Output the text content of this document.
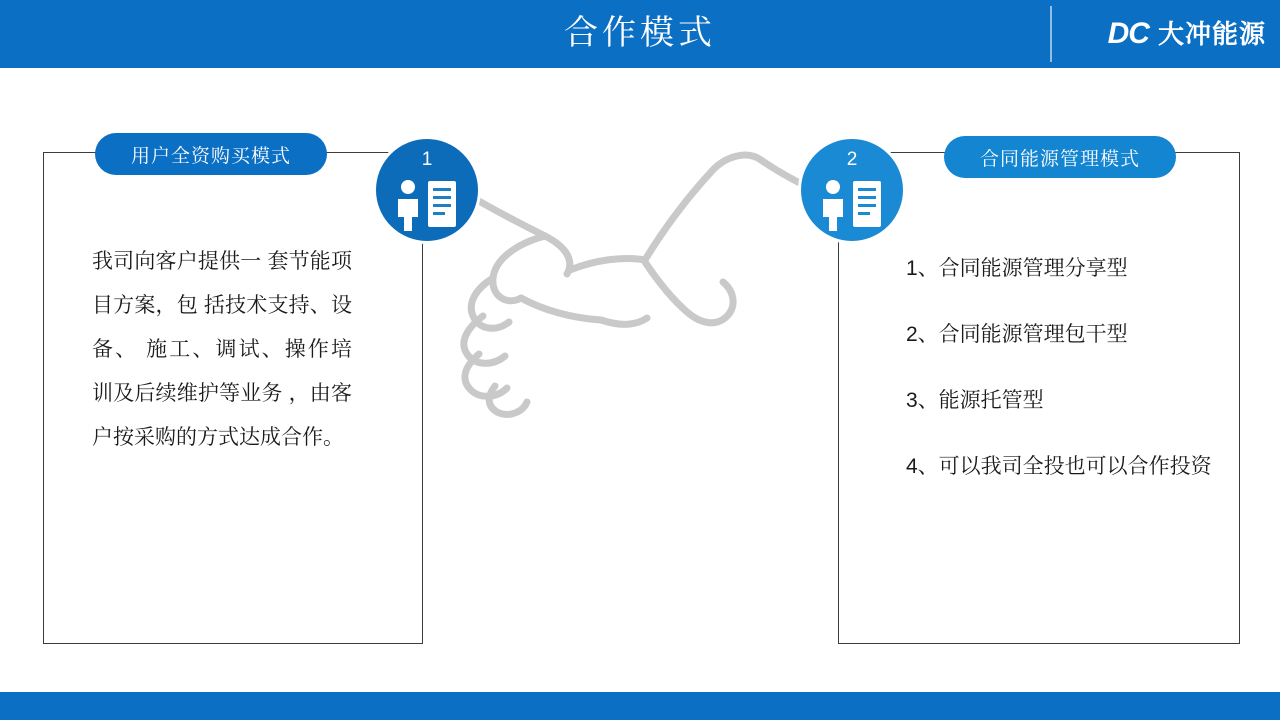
合作模式	DC 大冲能源
用户全资购买模式	1
我司向客户提供一 套节能项目方案，包 括技术支持、设备、 施工、调试、操作培 训及后续维护等业务 ，由客户按采购的方式达成合作。
合同能源管理模式
2
1、合同能源管理分享型
2、合同能源管理包干型
3、能源托管型
4、可以我司全投也可以合作投资
